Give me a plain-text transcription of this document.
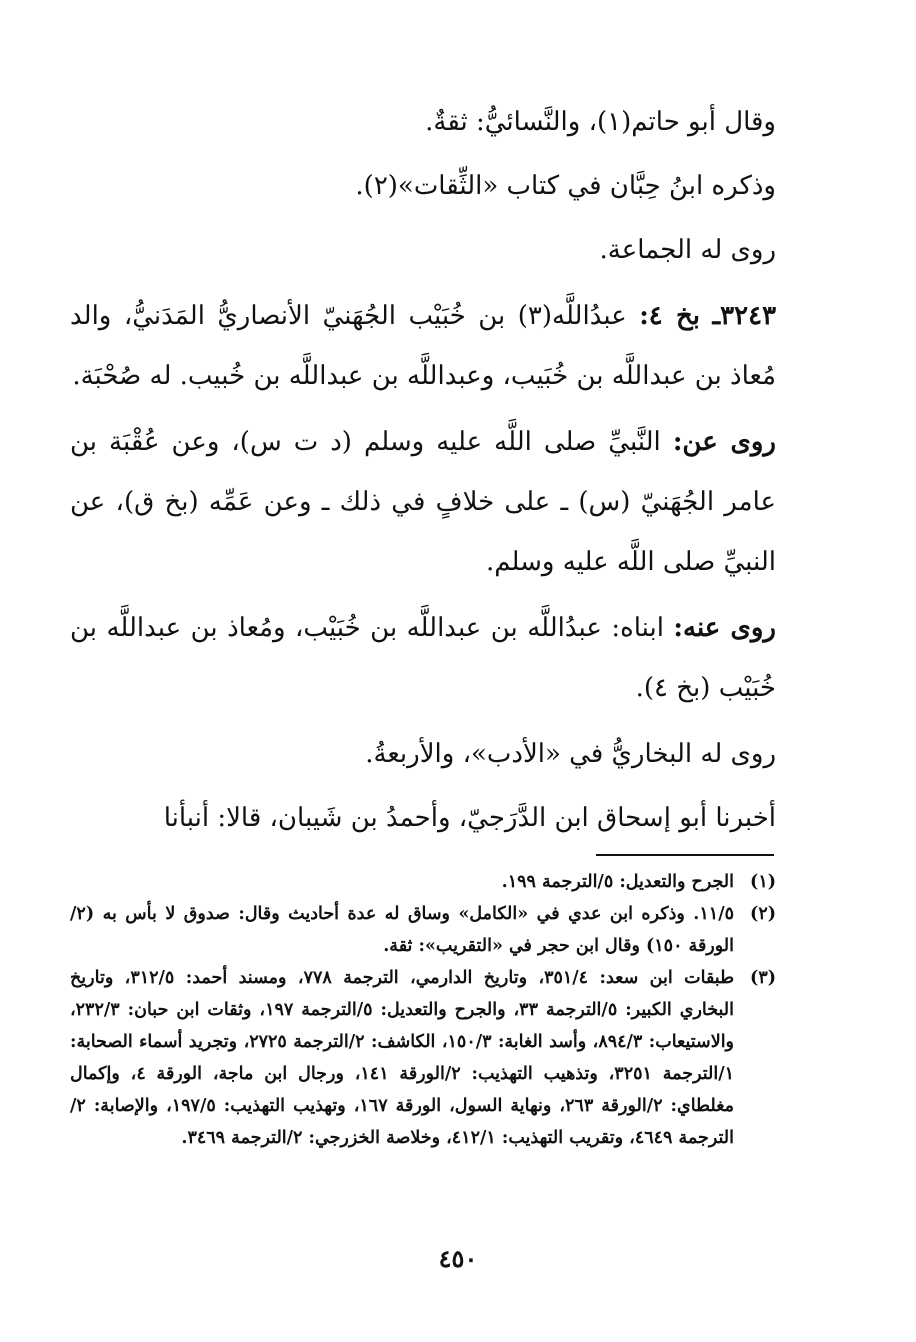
وقال أبو حاتم(١)، والنَّسائيُّ: ثقةٌ.

وذكره ابنُ حِبَّان في كتاب «الثِّقات»(٢).

روى له الجماعة.

٣٢٤٣ـ بخ ٤: عبدُاللَّه(٣) بن خُبَيْب الجُهَنيّ الأنصاريُّ المَدَنيُّ، والد مُعاذ بن عبداللَّه بن خُبَيب، وعبداللَّه بن عبداللَّه بن خُبيب. له صُحْبَة.

روى عن: النَّبيِّ صلى اللَّه عليه وسلم (د ت س)، وعن عُقْبَة بن عامر الجُهَنيّ (س) ـ على خلافٍ في ذلك ـ وعن عَمِّه (بخ ق)، عن النبيِّ صلى اللَّه عليه وسلم.

روى عنه: ابناه: عبدُاللَّه بن عبداللَّه بن خُبَيْب، ومُعاذ بن عبداللَّه بن خُبَيْب (بخ ٤).

روى له البخاريُّ في «الأدب»، والأربعةُ.

أخبرنا أبو إسحاق ابن الدَّرَجيّ، وأحمدُ بن شَيبان، قالا: أنبأنا

(١)
الجرح والتعديل: ٥/الترجمة ١٩٩.
(٢)
١١/٥. وذكره ابن عدي في «الكامل» وساق له عدة أحاديث وقال: صدوق لا بأس به (٢/الورقة ١٥٠) وقال ابن حجر في «التقريب»: ثقة.
(٣)
طبقات ابن سعد: ٣٥١/٤، وتاريخ الدارمي، الترجمة ٧٧٨، ومسند أحمد: ٣١٢/٥، وتاريخ البخاري الكبير: ٥/الترجمة ٣٣، والجرح والتعديل: ٥/الترجمة ١٩٧، وثقات ابن حبان: ٢٣٢/٣، والاستيعاب: ٨٩٤/٣، وأسد الغابة: ١٥٠/٣، الكاشف: ٢/الترجمة ٢٧٢٥، وتجريد أسماء الصحابة: ١/الترجمة ٣٢٥١، وتذهيب التهذيب: ٢/الورقة ١٤١، ورجال ابن ماجة، الورقة ٤، وإكمال مغلطاي: ٢/الورقة ٢٦٣، ونهاية السول، الورقة ١٦٧، وتهذيب التهذيب: ١٩٧/٥، والإصابة: ٢/الترجمة ٤٦٤٩، وتقريب التهذيب: ٤١٢/١، وخلاصة الخزرجي: ٢/الترجمة ٣٤٦٩.
٤٥٠
